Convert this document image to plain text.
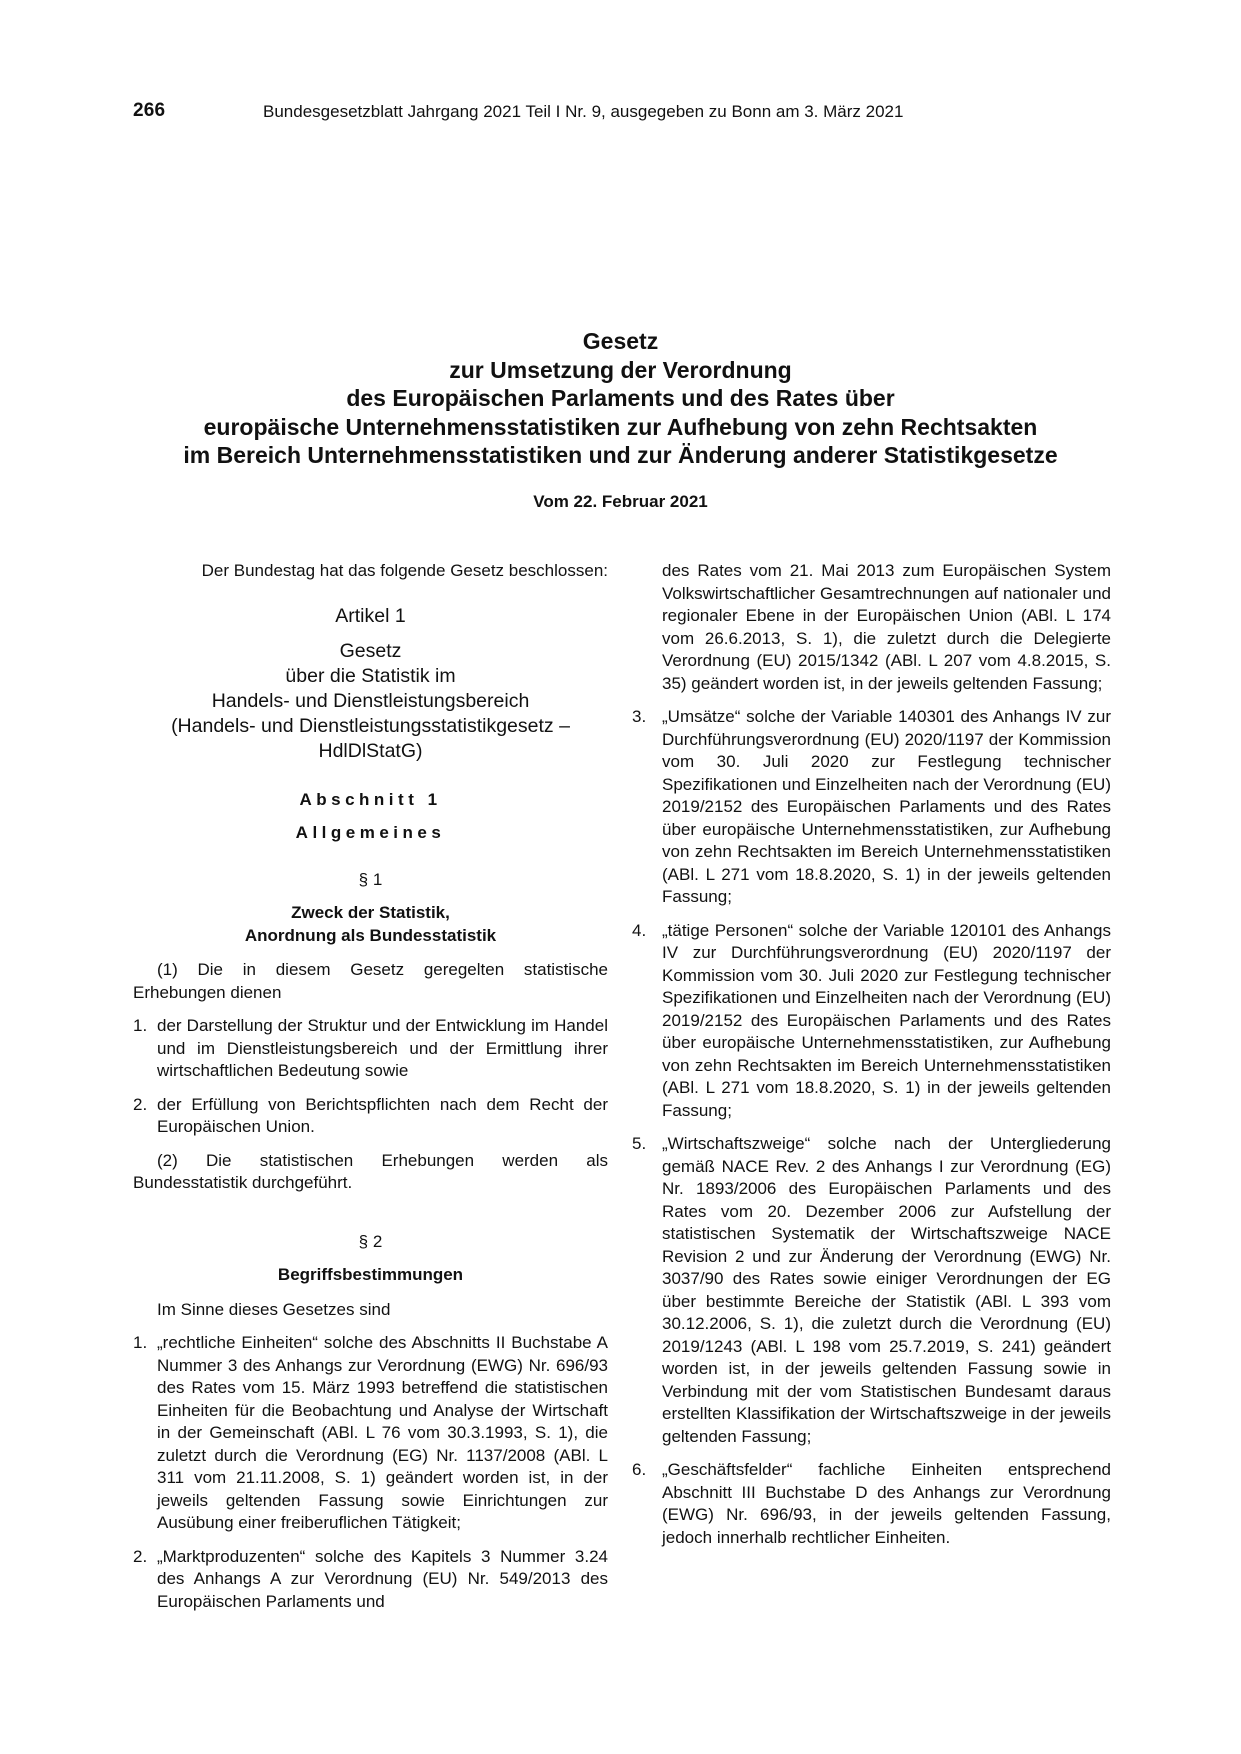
266	Bundesgesetzblatt Jahrgang 2021 Teil I Nr. 9, ausgegeben zu Bonn am 3. März 2021
Gesetz
zur Umsetzung der Verordnung
des Europäischen Parlaments und des Rates über
europäische Unternehmensstatistiken zur Aufhebung von zehn Rechtsakten
im Bereich Unternehmensstatistiken und zur Änderung anderer Statistikgesetze
Vom 22. Februar 2021

Der Bundestag hat das folgende Gesetz beschlossen:

Artikel 1

Gesetz
über die Statistik im
Handels- und Dienstleistungsbereich
(Handels- und Dienstleistungsstatistikgesetz –
HdlDlStatG)

Abschnitt 1

Allgemeines

§ 1

Zweck der Statistik,
Anordnung als Bundesstatistik

(1) Die in diesem Gesetz geregelten statistische Erhebungen dienen

1. der Darstellung der Struktur und der Entwicklung im Handel und im Dienstleistungsbereich und der Ermittlung ihrer wirtschaftlichen Bedeutung sowie
2. der Erfüllung von Berichtspflichten nach dem Recht der Europäischen Union.

(2) Die statistischen Erhebungen werden als Bundesstatistik durchgeführt.

§ 2

Begriffsbestimmungen

Im Sinne dieses Gesetzes sind

1. „rechtliche Einheiten“ solche des Abschnitts II Buchstabe A Nummer 3 des Anhangs zur Verordnung (EWG) Nr. 696/93 des Rates vom 15. März 1993 betreffend die statistischen Einheiten für die Beobachtung und Analyse der Wirtschaft in der Gemeinschaft (ABl. L 76 vom 30.3.1993, S. 1), die zuletzt durch die Verordnung (EG) Nr. 1137/2008 (ABl. L 311 vom 21.11.2008, S. 1) geändert worden ist, in der jeweils geltenden Fassung sowie Einrichtungen zur Ausübung einer freiberuflichen Tätigkeit;
2. „Marktproduzenten“ solche des Kapitels 3 Nummer 3.24 des Anhangs A zur Verordnung (EU) Nr. 549/2013 des Europäischen Parlaments und
des Rates vom 21. Mai 2013 zum Europäischen System Volkswirtschaftlicher Gesamtrechnungen auf nationaler und regionaler Ebene in der Europäischen Union (ABl. L 174 vom 26.6.2013, S. 1), die zuletzt durch die Delegierte Verordnung (EU) 2015/1342 (ABl. L 207 vom 4.8.2015, S. 35) geändert worden ist, in der jeweils geltenden Fassung;
3. „Umsätze“ solche der Variable 140301 des Anhangs IV zur Durchführungsverordnung (EU) 2020/1197 der Kommission vom 30. Juli 2020 zur Festlegung technischer Spezifikationen und Einzelheiten nach der Verordnung (EU) 2019/2152 des Europäischen Parlaments und des Rates über europäische Unternehmensstatistiken, zur Aufhebung von zehn Rechtsakten im Bereich Unternehmensstatistiken (ABl. L 271 vom 18.8.2020, S. 1) in der jeweils geltenden Fassung;
4. „tätige Personen“ solche der Variable 120101 des Anhangs IV zur Durchführungsverordnung (EU) 2020/1197 der Kommission vom 30. Juli 2020 zur Festlegung technischer Spezifikationen und Einzelheiten nach der Verordnung (EU) 2019/2152 des Europäischen Parlaments und des Rates über europäische Unternehmensstatistiken, zur Aufhebung von zehn Rechtsakten im Bereich Unternehmensstatistiken (ABl. L 271 vom 18.8.2020, S. 1) in der jeweils geltenden Fassung;
5. „Wirtschaftszweige“ solche nach der Untergliederung gemäß NACE Rev. 2 des Anhangs I zur Verordnung (EG) Nr. 1893/2006 des Europäischen Parlaments und des Rates vom 20. Dezember 2006 zur Aufstellung der statistischen Systematik der Wirtschaftszweige NACE Revision 2 und zur Änderung der Verordnung (EWG) Nr. 3037/90 des Rates sowie einiger Verordnungen der EG über bestimmte Bereiche der Statistik (ABl. L 393 vom 30.12.2006, S. 1), die zuletzt durch die Verordnung (EU) 2019/1243 (ABl. L 198 vom 25.7.2019, S. 241) geändert worden ist, in der jeweils geltenden Fassung sowie in Verbindung mit der vom Statistischen Bundesamt daraus erstellten Klassifikation der Wirtschaftszweige in der jeweils geltenden Fassung;
6. „Geschäftsfelder“ fachliche Einheiten entsprechend Abschnitt III Buchstabe D des Anhangs zur Verordnung (EWG) Nr. 696/93, in der jeweils geltenden Fassung, jedoch innerhalb rechtlicher Einheiten.
